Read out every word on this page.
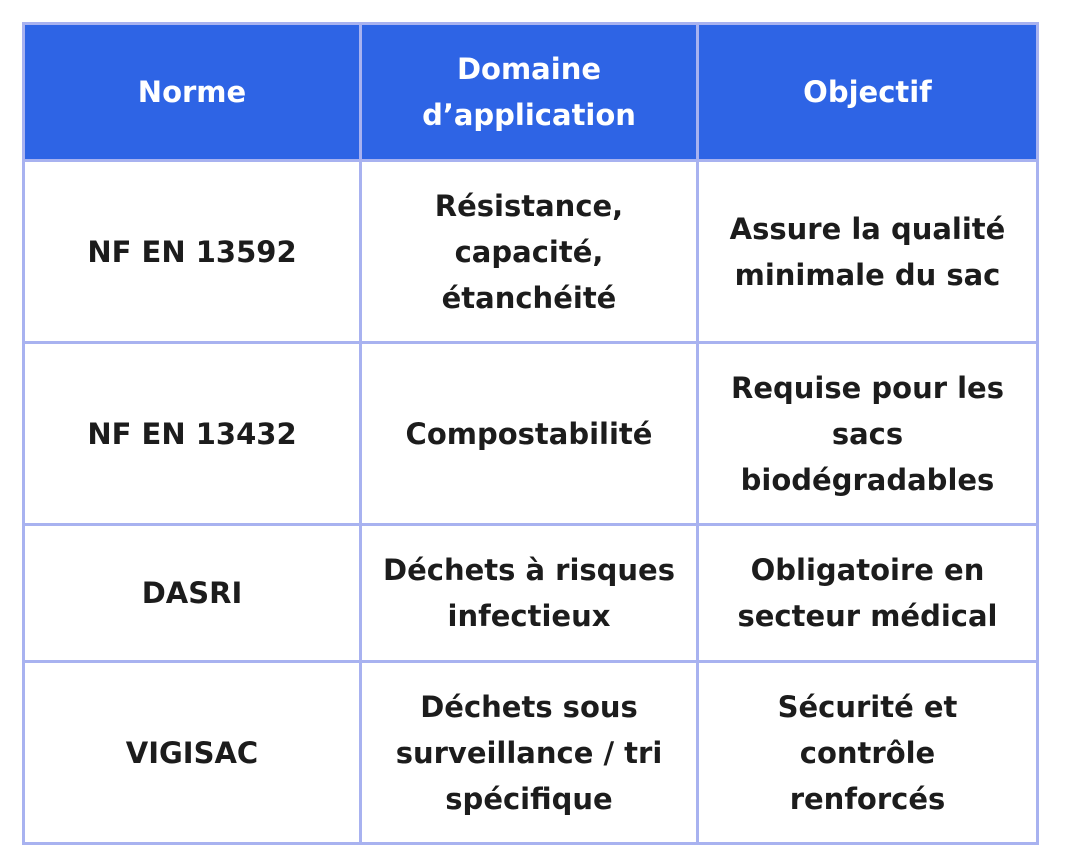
Norme	Domaine d’application	Objectif
NF EN 13592	Résistance, capacité, étanchéité	Assure la qualité minimale du sac
NF EN 13432	Compostabilité	Requise pour les sacs biodégradables
DASRI	Déchets à risques infectieux	Obligatoire en secteur médical
VIGISAC	Déchets sous surveillance / tri spécifique	Sécurité et contrôle renforcés
